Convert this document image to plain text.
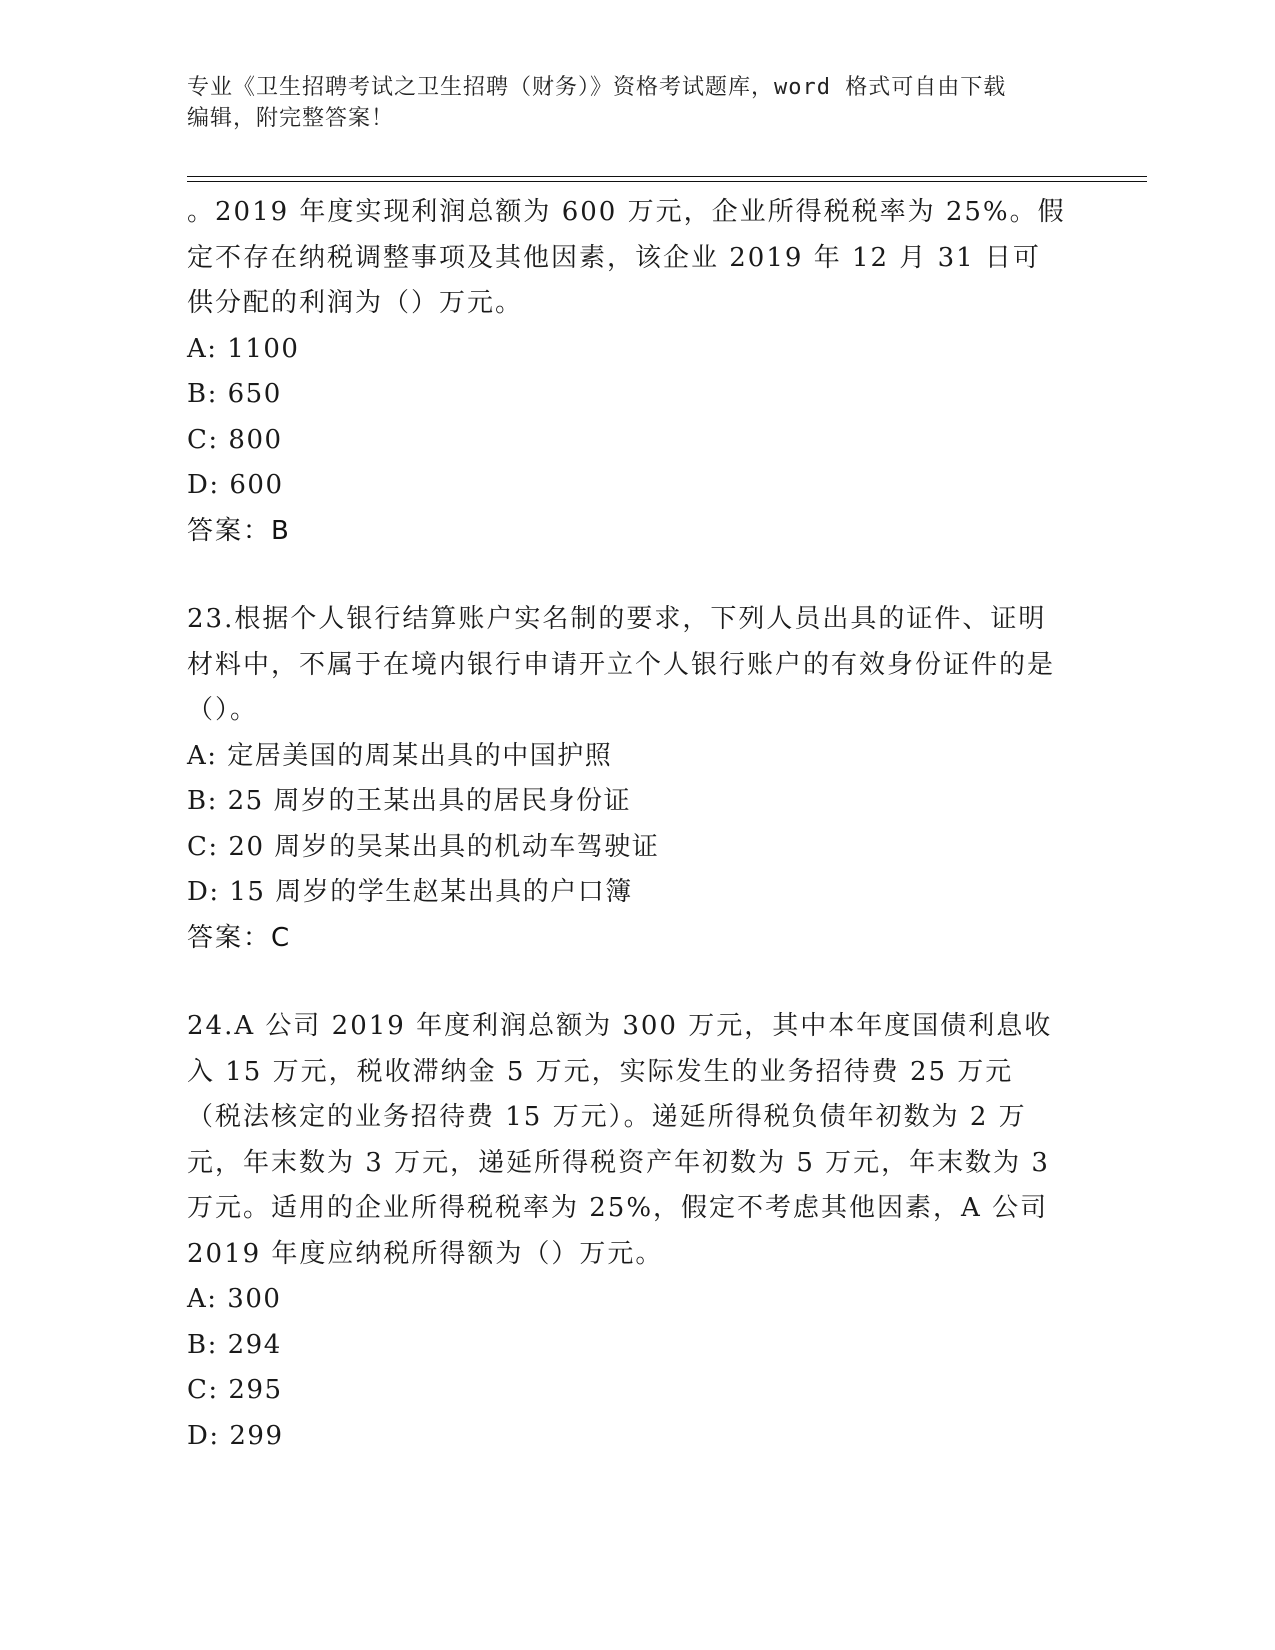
专业《卫生招聘考试之卫生招聘（财务）》资格考试题库，word 格式可自由下载
编辑，附完整答案！

。2019 年度实现利润总额为 600 万元，企业所得税税率为 25%。假定不存在纳税调整事项及其他因素，该企业 2019 年 12 月 31 日可供分配的利润为（）万元。

A: 1100
B: 650
C: 800
D: 600
答案：B

23.根据个人银行结算账户实名制的要求，下列人员出具的证件、证明材料中，不属于在境内银行申请开立个人银行账户的有效身份证件的是（）。

A: 定居美国的周某出具的中国护照
B: 25 周岁的王某出具的居民身份证
C: 20 周岁的吴某出具的机动车驾驶证
D: 15 周岁的学生赵某出具的户口簿
答案：C

24.A 公司 2019 年度利润总额为 300 万元，其中本年度国债利息收入 15 万元，税收滞纳金 5 万元，实际发生的业务招待费 25 万元（税法核定的业务招待费 15 万元）。递延所得税负债年初数为 2 万元，年末数为 3 万元，递延所得税资产年初数为 5 万元，年末数为 3 万元。适用的企业所得税税率为 25%，假定不考虑其他因素，A 公司 2019 年度应纳税所得额为（）万元。

A: 300
B: 294
C: 295
D: 299
